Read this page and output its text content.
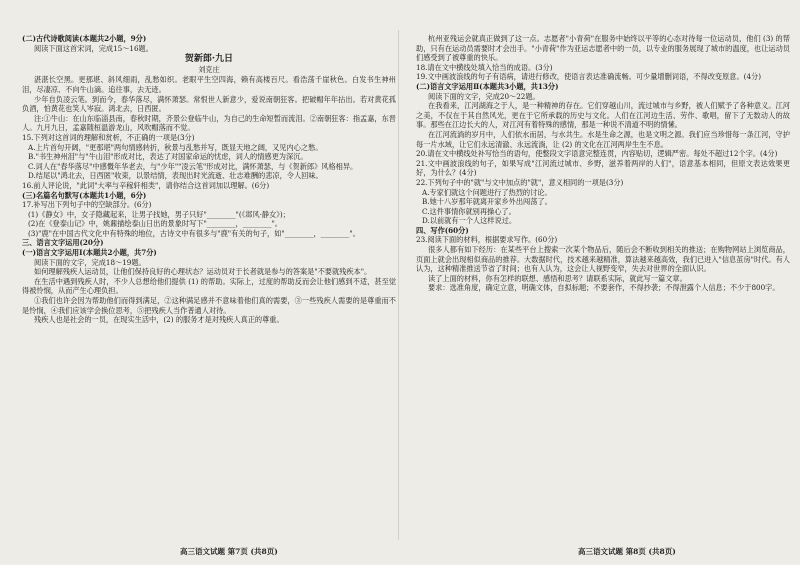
(二)古代诗歌阅读(本题共2小题，9分)

阅读下面这首宋词，完成15～16题。

贺新郎·九日

刘克庄

湛湛长空黑。更那堪、斜风细雨，乱愁如织。老眼平生空四海，赖有高楼百尺。看浩荡千崖秋色。白发书生神州泪，尽凄凉、不向牛山滴。追往事，去无迹。

少年自负凌云笔。到而今，春华落尽，满怀萧瑟。常恨世人新意少，爱说南朝狂客。把破帽年年拈出。若对黄花孤负酒，怕黄花也笑人岑寂。鸿北去，日西匿。

注:①牛山：在山东临淄县南，春秋时期，齐景公登临牛山，为自己的生命短暂而流泪。②南朝狂客：指孟嘉，东晋人。九月九日，孟嘉随桓温游龙山，风吹帽落而不觉。

15.下列对这首词的理解和赏析，不正确的一项是(3分)

A.上片首句开阔，"更那堪"两句情感转折，秋景与乱愁并写，既显天地之阔，又见内心之愁。

B."书生神州泪"与"牛山泪"形成对比，表达了对国家命运的忧虑，词人的情感更为深沉。

C.词人在"春华落尽"中感慨年华老去，与"少年""凌云笔"形成对比，满怀萧瑟，与《贺新郎》风格相异。

D.结尾以"鸿北去，日西匿"收束，以景结情，表现出时光流逝、壮志难酬的悲凉，令人回味。

16.前人评论说，"此词"大率与辛稼轩相类"，请你结合这首词加以理解。(6分)

(三)名篇名句默写(本题共1小题，6分)

17.补写出下列句子中的空缺部分。(6分)

(1)《静女》中，女子隐藏起来，让男子找她，男子只好"________"(《邶风·静女》)；

(2)在《登泰山记》中，姚鼐描绘泰山日出的景象时写下"________，________"。

(3)"鹿"在中国古代文化中有特殊的地位，古诗文中有很多与"鹿"有关的句子，如"________，________"。

三、语言文字运用(20分)

(一)语言文字运用Ⅰ(本题共2小题，共7分)

阅读下面的文字，完成18～19题。

如何理解残疾人运动员，让他们保持良好的心理状态？运动员对于长者就是参与的答案是"不要就残疾本"。

在生活中遇到残疾人时，不少人总想给他们提供 (1) 的帮助。实际上，过度的帮助反而会让他们感到不适，甚至觉得被怜悯，从而产生心理负担。

①我们也许会因为帮助他们而得到满足，②这种满足感并不意味着他们真的需要，③一些残疾人需要的是尊重而不是怜悯，④我们应该学会换位思考，⑤把残疾人当作普通人对待。

残疾人也是社会的一员，在现实生活中，(2) 的服务才是对残疾人真正的尊重。

高三语文试题 第7页 (共8页)

杭州亚残运会就真正做到了这一点。志愿者"小青荷"在服务中始终以平等的心态对待每一位运动员，他们 (3) 的帮助，只有在运动员需要时才会出手。"小青荷"作为亚运志愿者中的一员，以专业的服务展现了城市的温度，也让运动员们感受到了被尊重的快乐。

18.请在文中横线处填入恰当的成语。(3分)

19.文中画波浪线的句子有语病，请进行修改，使语言表达准确流畅。可少量增删词语，不得改变原意。(4分)

(二)语言文字运用Ⅱ(本题共3小题，共13分)

阅读下面的文字，完成20～22题。

在我看来，江河湖海之于人，是一种精神的存在。它们穿越山川，流过城市与乡野，被人们赋予了各种意义。江河之美，不仅在于其自然风光，更在于它所承载的历史与文化。人们在江河边生活、劳作、歌唱，留下了无数动人的故事。那些在江边长大的人，对江河有着特殊的感情，那是一种说不清道不明的情愫。

在江河流淌的岁月中，人们依水而居，与水共生。水是生命之源，也是文明之源。我们应当珍惜每一条江河，守护每一片水域，让它们永远清澈、永远流淌，让 (2) 的文化在江河两岸生生不息。

20.请在文中横线处补写恰当的语句，使整段文字语意完整连贯，内容贴切，逻辑严密。每处不超过12个字。(4分)

21.文中画波浪线的句子，如果写成"江河流过城市、乡野，滋养着两岸的人们"，语意基本相同，但原文表达效果更好，为什么？(4分)

22.下列句子中的"就"与文中加点的"就"，意义相同的一项是(3分)

A.专家们就这个问题进行了热烈的讨论。

B.她十八岁那年就离开家乡外出闯荡了。

C.这件事情你就别再操心了。

D.以前就有一个人这样说过。

四、写作(60分)

23.阅读下面的材料，根据要求写作。(60分)

很多人都有如下经历：在某些平台上搜索一次某个物品后，随后会不断收到相关的推送；在购物网站上浏览商品，页面上就会出现相似商品的推荐。大数据时代，技术越来越精准，算法越来越高效，我们已进入"信息茧房"时代。有人认为，这种精准推送节省了时间；也有人认为，这会让人视野变窄，失去对世界的全面认识。

读了上面的材料，你有怎样的联想、感悟和思考？请联系实际，就此写一篇文章。

要求：选准角度，确定立意，明确文体，自拟标题；不要套作，不得抄袭；不得泄露个人信息；不少于800字。

高三语文试题 第8页 (共8页)
